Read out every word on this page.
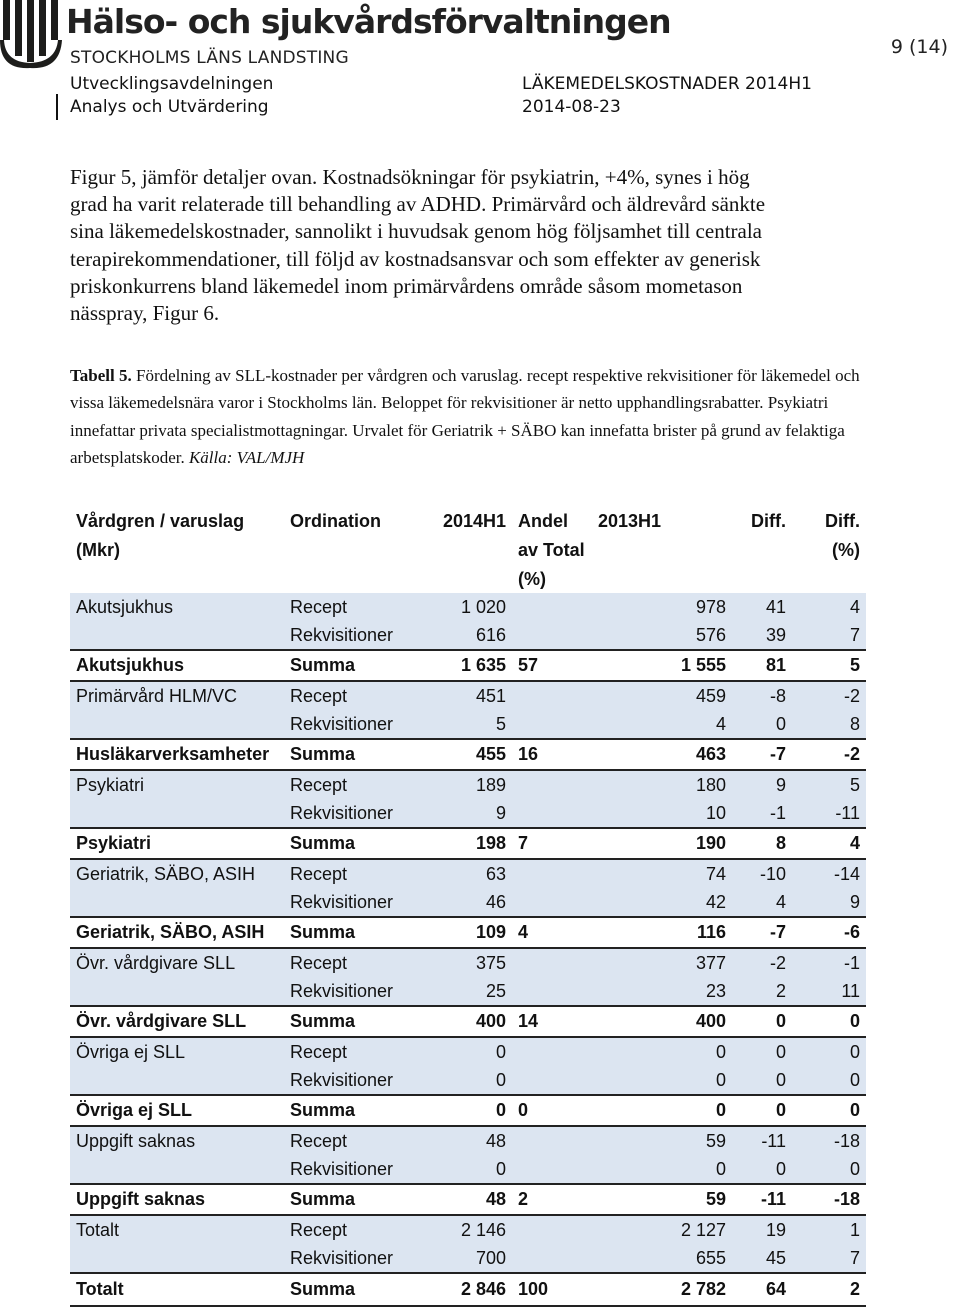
Hälso- och sjukvårdsförvaltningen
STOCKHOLMS LÄNS LANDSTING	9 (14)
Utvecklingsavdelningen
Analys och Utvärdering
LÄKEMEDELSKOSTNADER 2014H1
2014-08-23
Figur 5, jämför detaljer ovan. Kostnadsökningar för psykiatrin, +4%, synes i hög
grad ha varit relaterade till behandling av ADHD. Primärvård och äldrevård sänkte
sina läkemedelskostnader, sannolikt i huvudsak genom hög följsamhet till centrala
terapirekommendationer, till följd av kostnadsansvar och som effekter av generisk
priskonkurrens bland läkemedel inom primärvårdens område såsom mometason
nässpray, Figur 6.
Tabell 5. Fördelning av SLL-kostnader per vårdgren och varuslag. recept respektive rekvisitioner för läkemedel och vissa läkemedelsnära varor i Stockholms län. Beloppet för rekvisitioner är netto upphandlingsrabatter. Psykiatri innefattar privata specialistmottagningar. Urvalet för Geriatrik + SÄBO kan innefatta brister på grund av felaktiga arbetsplatskoder. Källa: VAL/MJH
Vårdgren / varuslag	Ordination	2014H1	Andel	2013H1	Diff.	Diff.
(Mkr)			av Total			(%)
			(%)			
Akutsjukhus	Recept	1 020		978	41	4
	Rekvisitioner	616		576	39	7
Akutsjukhus	Summa	1 635	57	1 555	81	5
Primärvård HLM/VC	Recept	451		459	-8	-2
	Rekvisitioner	5		4	0	8
Husläkarverksamheter	Summa	455	16	463	-7	-2
Psykiatri	Recept	189		180	9	5
	Rekvisitioner	9		10	-1	-11
Psykiatri	Summa	198	7	190	8	4
Geriatrik, SÄBO, ASIH	Recept	63		74	-10	-14
	Rekvisitioner	46		42	4	9
Geriatrik, SÄBO, ASIH	Summa	109	4	116	-7	-6
Övr. vårdgivare SLL	Recept	375		377	-2	-1
	Rekvisitioner	25		23	2	11
Övr. vårdgivare SLL	Summa	400	14	400	0	0
Övriga ej SLL	Recept	0		0	0	0
	Rekvisitioner	0		0	0	0
Övriga ej SLL	Summa	0	0	0	0	0
Uppgift saknas	Recept	48		59	-11	-18
	Rekvisitioner	0		0	0	0
Uppgift saknas	Summa	48	2	59	-11	-18
Totalt	Recept	2 146		2 127	19	1
	Rekvisitioner	700		655	45	7
Totalt	Summa	2 846	100	2 782	64	2
